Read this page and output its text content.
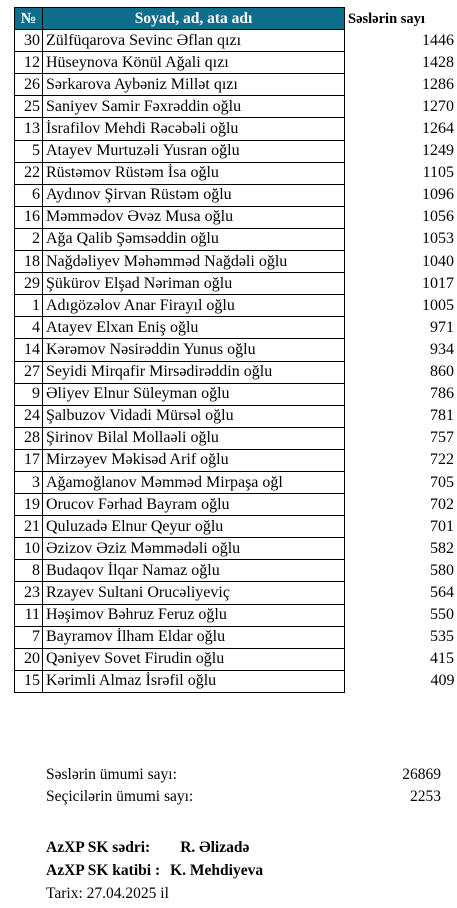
№	Soyad, ad, ata adı	Səslərin sayı
30	Zülfüqarova Sevinc Əflan qızı	1446
12	Hüseynova Könül Ağali qızı	1428
26	Sərkarova Aybəniz Millət qızı	1286
25	Saniyev Samir Fəxrəddin oğlu	1270
13	İsrafilov Mehdi Rəcəbəli oğlu	1264
5	Atayev Murtuzəli Yusran oğlu	1249
22	Rüstəmov Rüstəm İsa oğlu	1105
6	Aydınov Şirvan Rüstəm oğlu	1096
16	Məmmədov Əvəz Musa oğlu	1056
2	Ağa Qalib Şəmsəddin oğlu	1053
18	Nağdəliyev Məhəmməd Nağdəli oğlu	1040
29	Şükürov Elşad Nəriman oğlu	1017
1	Adıgözəlov Anar Firayıl oğlu	1005
4	Atayev Elxan Eniş oğlu	971
14	Kərəmov Nəsirəddin Yunus oğlu	934
27	Seyidi Mirqafir Mirsədirəddin oğlu	860
9	Əliyev Elnur Süleyman oğlu	786
24	Şalbuzov Vidadi Mürsəl oğlu	781
28	Şirinov Bilal Mollaəli oğlu	757
17	Mirzəyev Məkisəd Arif oğlu	722
3	Ağamoğlanov Məmməd Mirpaşa oğl	705
19	Orucov Fərhad Bayram oğlu	702
21	Quluzadə Elnur Qeyur oğlu	701
10	Əzizov Əziz Məmmədəli oğlu	582
8	Budaqov İlqar Namaz oğlu	580
23	Rzayev Sultani Orucəliyeviç	564
11	Həşimov Bəhruz Feruz oğlu	550
7	Bayramov İlham Eldar oğlu	535
20	Qəniyev Sovet Firudin oğlu	415
15	Kərimli Almaz İsrəfil oğlu	409
Səslərin ümumi sayı:	26869
Seçicilərin ümumi sayı:	2253
AzXP SK sədri: R. Əlizadə
AzXP SK katibi : K. Mehdiyeva
Tarix: 27.04.2025 il
